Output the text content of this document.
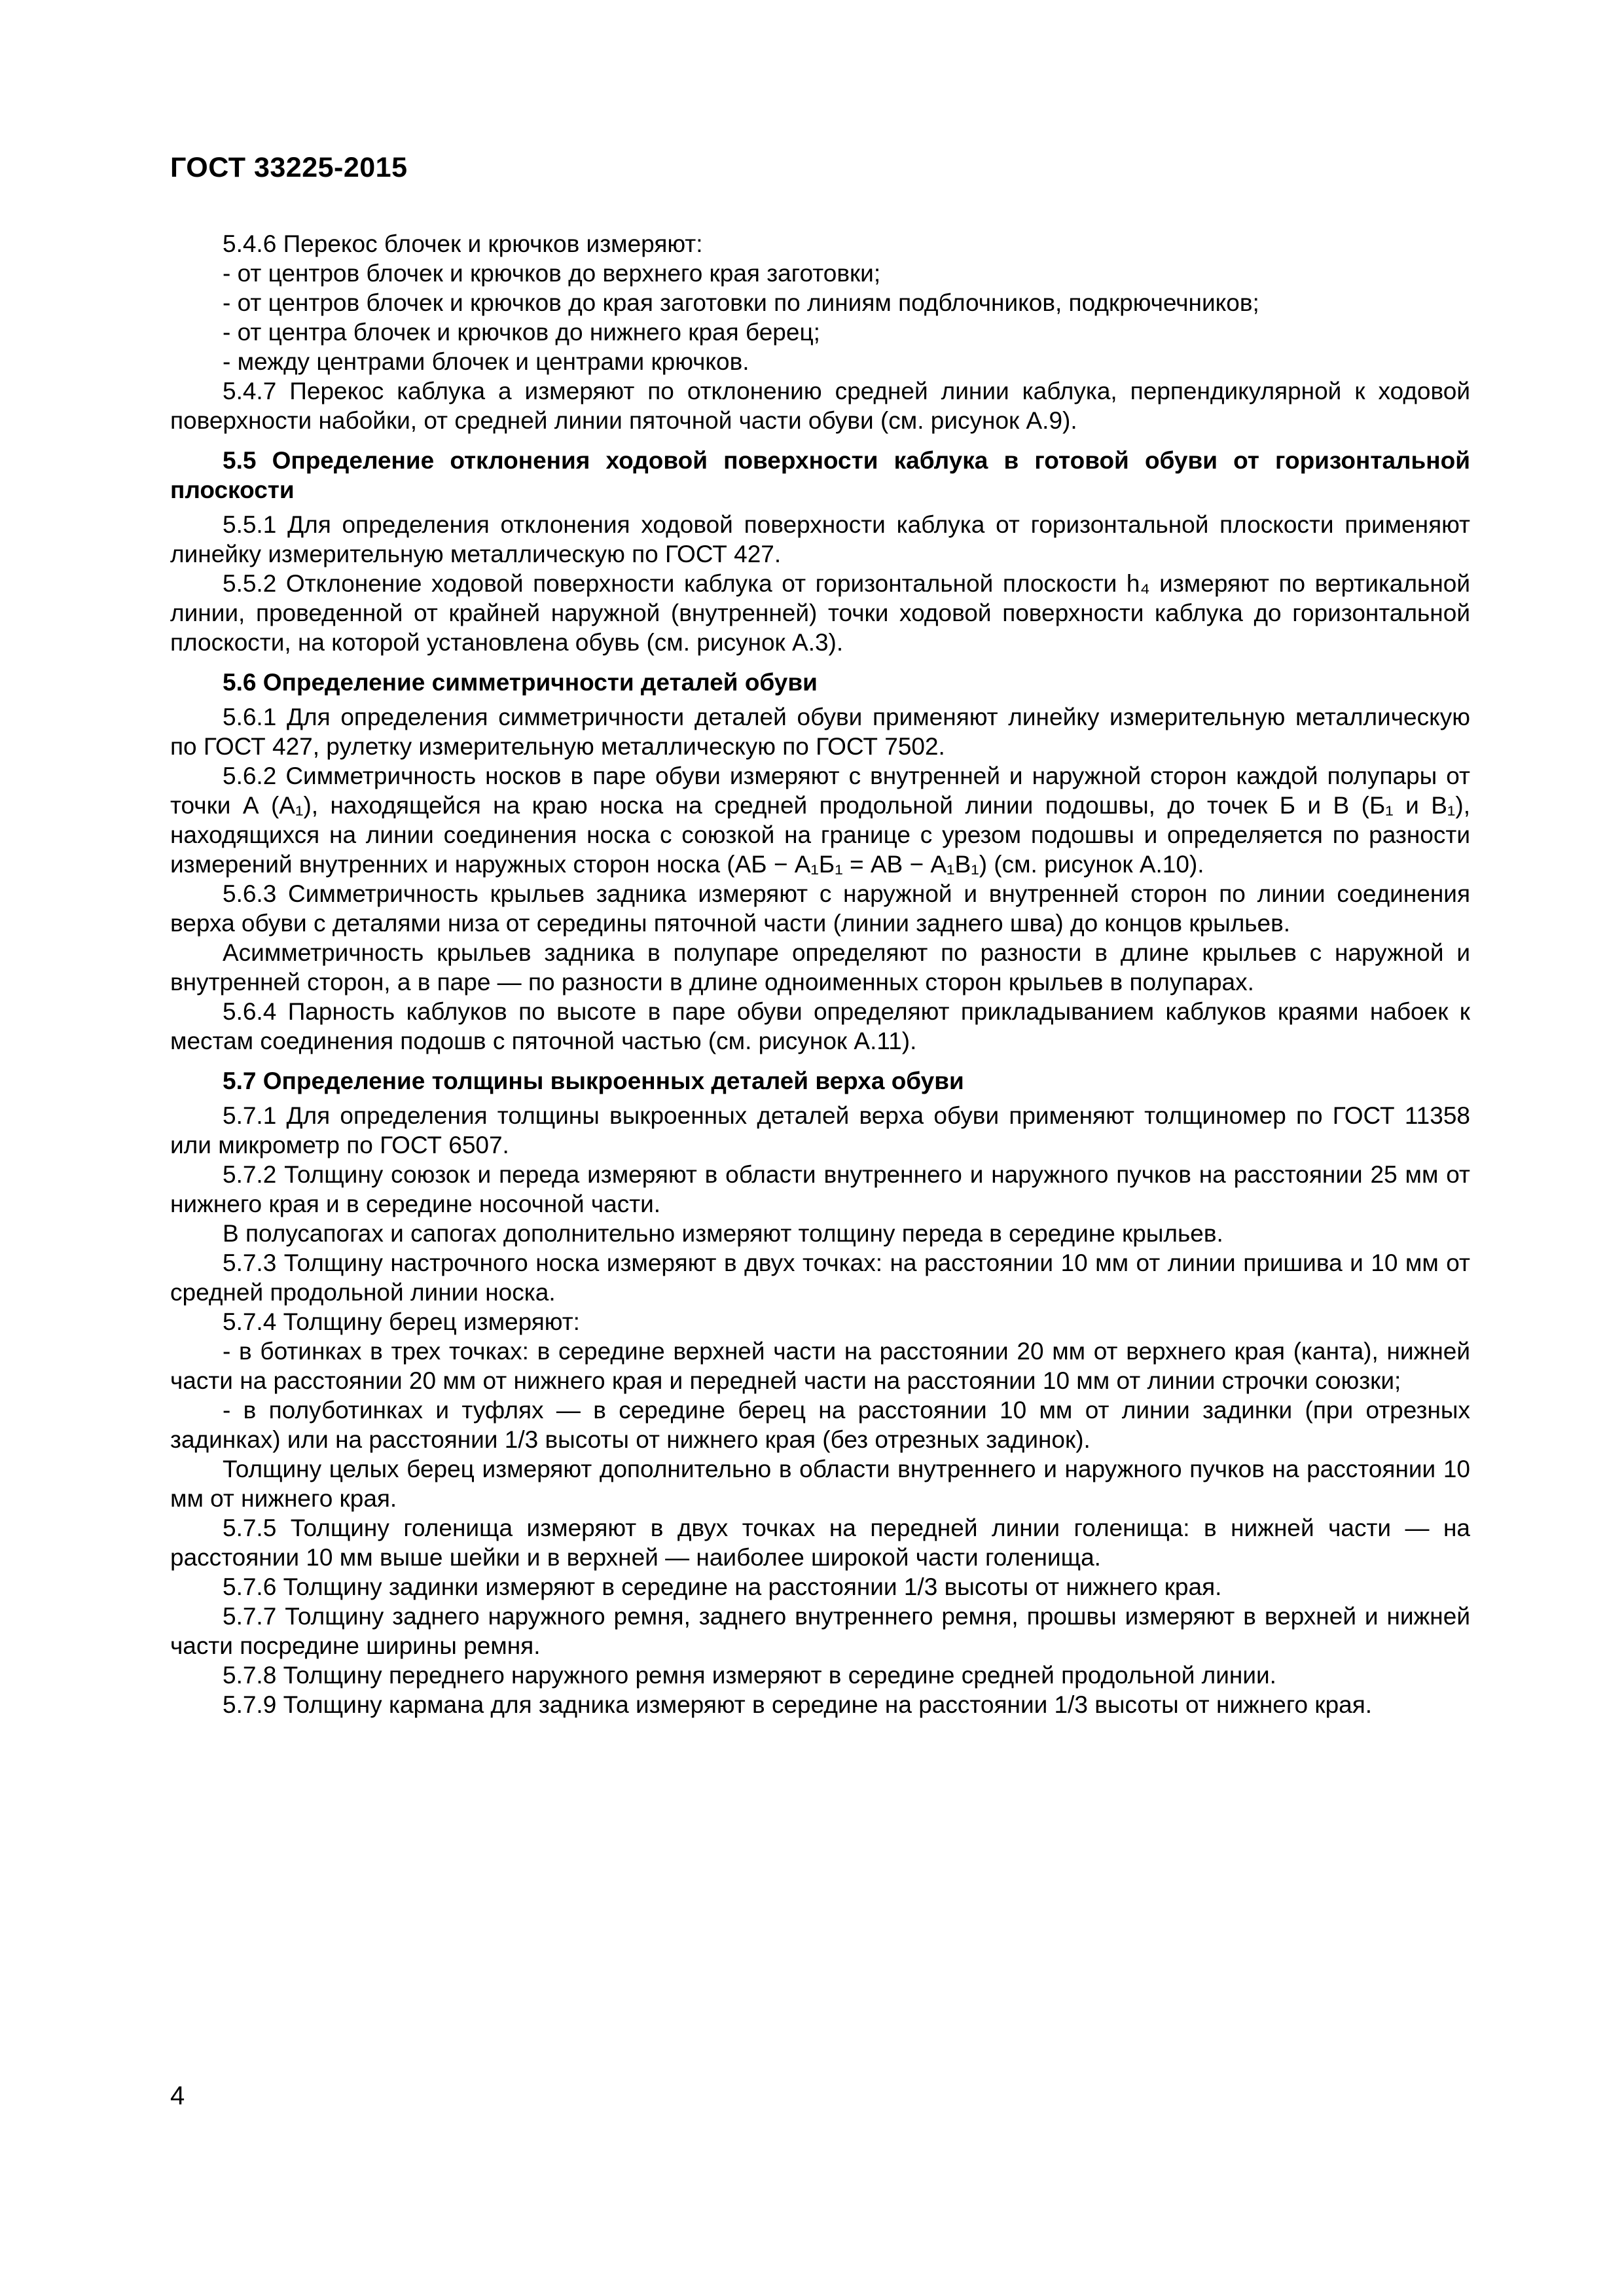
ГОСТ 33225-2015

5.4.6 Перекос блочек и крючков измеряют:

- от центров блочек и крючков до верхнего края заготовки;

- от центров блочек и крючков до края заготовки по линиям подблочников, подкрючечников;

- от центра блочек и крючков до нижнего края берец;

- между центрами блочек и центрами крючков.

5.4.7 Перекос каблука а измеряют по отклонению средней линии каблука, перпендикулярной к ходовой поверхности набойки, от средней линии пяточной части обуви (см. рисунок А.9).

5.5 Определение отклонения ходовой поверхности каблука в готовой обуви от горизонтальной плоскости

5.5.1 Для определения отклонения ходовой поверхности каблука от горизонтальной плоскости применяют линейку измерительную металлическую по ГОСТ 427.

5.5.2 Отклонение ходовой поверхности каблука от горизонтальной плоскости h₄ измеряют по вертикальной линии, проведенной от крайней наружной (внутренней) точки ходовой поверхности каблука до горизонтальной плоскости, на которой установлена обувь (см. рисунок А.3).

5.6 Определение симметричности деталей обуви

5.6.1 Для определения симметричности деталей обуви применяют линейку измерительную металлическую по ГОСТ 427, рулетку измерительную металлическую по ГОСТ 7502.

5.6.2 Симметричность носков в паре обуви измеряют с внутренней и наружной сторон каждой полупары от точки А (А₁), находящейся на краю носка на средней продольной линии подошвы, до точек Б и В (Б₁ и В₁), находящихся на линии соединения носка с союзкой на границе с урезом подошвы и определяется по разности измерений внутренних и наружных сторон носка (АБ − А₁Б₁ = АВ − А₁В₁) (см. рисунок А.10).

5.6.3 Симметричность крыльев задника измеряют с наружной и внутренней сторон по линии соединения верха обуви с деталями низа от середины пяточной части (линии заднего шва) до концов крыльев.

Асимметричность крыльев задника в полупаре определяют по разности в длине крыльев с наружной и внутренней сторон, а в паре — по разности в длине одноименных сторон крыльев в полупарах.

5.6.4 Парность каблуков по высоте в паре обуви определяют прикладыванием каблуков краями набоек к местам соединения подошв с пяточной частью (см. рисунок А.11).

5.7 Определение толщины выкроенных деталей верха обуви

5.7.1 Для определения толщины выкроенных деталей верха обуви применяют толщиномер по ГОСТ 11358 или микрометр по ГОСТ 6507.

5.7.2 Толщину союзок и переда измеряют в области внутреннего и наружного пучков на расстоянии 25 мм от нижнего края и в середине носочной части.

В полусапогах и сапогах дополнительно измеряют толщину переда в середине крыльев.

5.7.3 Толщину настрочного носка измеряют в двух точках: на расстоянии 10 мм от линии пришива и 10 мм от средней продольной линии носка.

5.7.4 Толщину берец измеряют:

- в ботинках в трех точках: в середине верхней части на расстоянии 20 мм от верхнего края (канта), нижней части на расстоянии 20 мм от нижнего края и передней части на расстоянии 10 мм от линии строчки союзки;

- в полуботинках и туфлях — в середине берец на расстоянии 10 мм от линии задинки (при отрезных задинках) или на расстоянии 1/3 высоты от нижнего края (без отрезных задинок).

Толщину целых берец измеряют дополнительно в области внутреннего и наружного пучков на расстоянии 10 мм от нижнего края.

5.7.5 Толщину голенища измеряют в двух точках на передней линии голенища: в нижней части — на расстоянии 10 мм выше шейки и в верхней — наиболее широкой части голенища.

5.7.6 Толщину задинки измеряют в середине на расстоянии 1/3 высоты от нижнего края.

5.7.7 Толщину заднего наружного ремня, заднего внутреннего ремня, прошвы измеряют в верхней и нижней части посредине ширины ремня.

5.7.8 Толщину переднего наружного ремня измеряют в середине средней продольной линии.

5.7.9 Толщину кармана для задника измеряют в середине на расстоянии 1/3 высоты от нижнего края.

4
